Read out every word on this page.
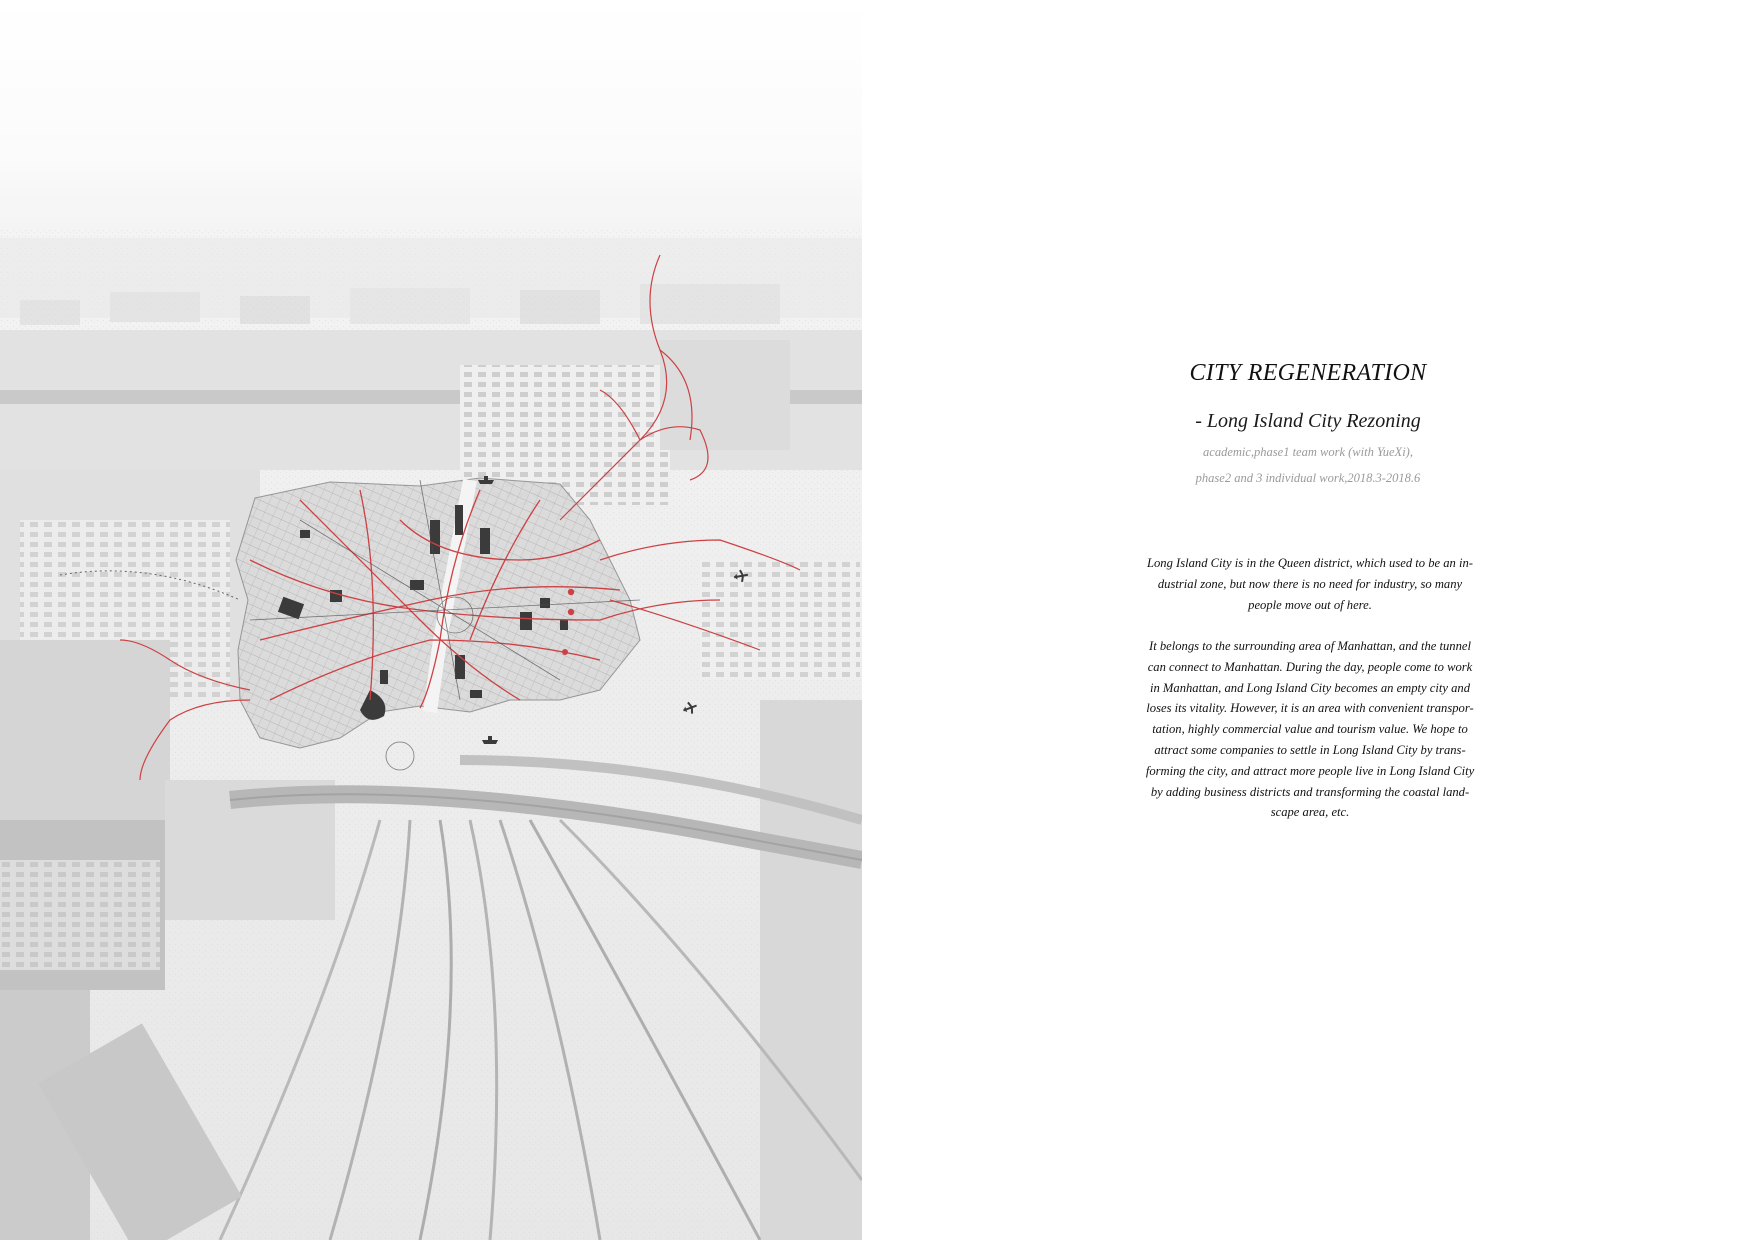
CITY REGENERATION
- Long Island City Rezoning
academic,phase1 team work (with YueXi),
phase2 and 3 individual work,2018.3-2018.6
Long Island City is in the Queen district, which used to be an in-
dustrial zone, but now there is no need for industry, so many
people move out of here.
It belongs to the surrounding area of Manhattan, and the tunnel
can connect to Manhattan. During the day, people come to work
in Manhattan, and Long Island City becomes an empty city and
loses its vitality. However, it is an area with convenient transpor-
tation, highly commercial value and tourism value. We hope to
attract some companies to settle in Long Island City by trans-
forming the city, and attract more people live in Long Island City
by adding business districts and transforming the coastal land-
scape area, etc.
